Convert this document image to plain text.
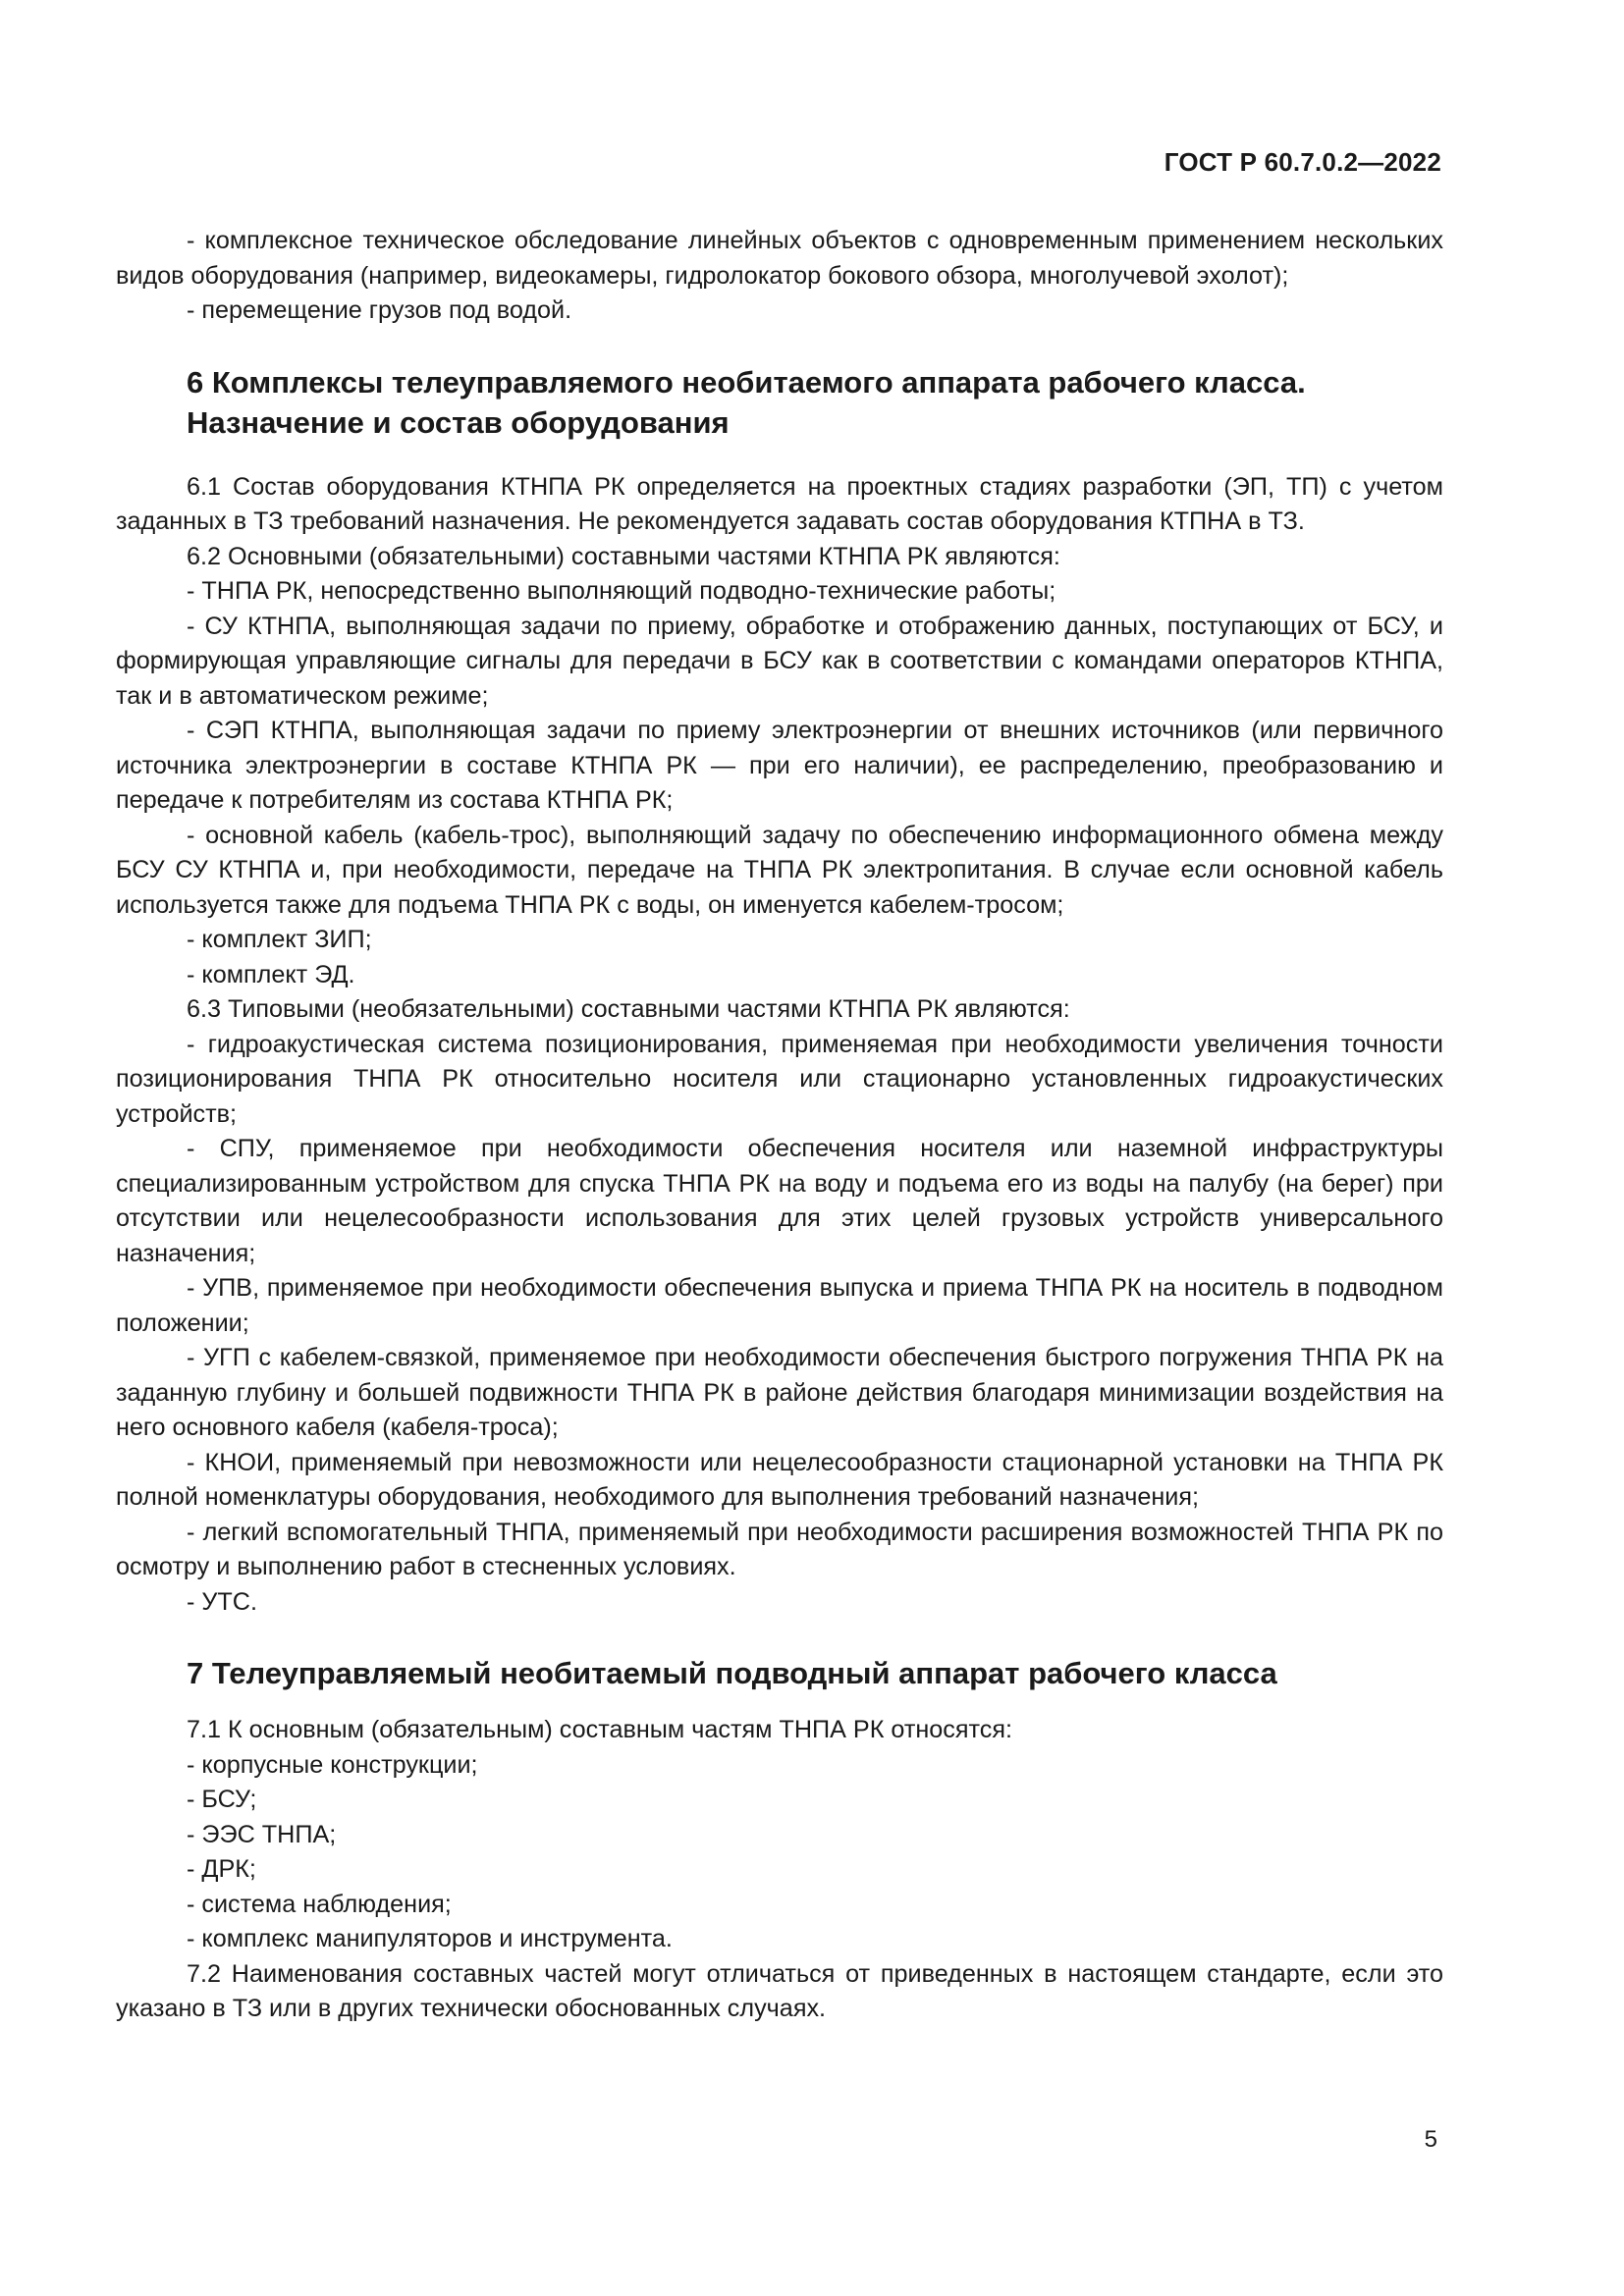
ГОСТ Р 60.7.0.2—2022

- комплексное техническое обследование линейных объектов с одновременным применением нескольких видов оборудования (например, видеокамеры, гидролокатор бокового обзора, многолучевой эхолот);

- перемещение грузов под водой.

6 Комплексы телеуправляемого необитаемого аппарата рабочего класса.
Назначение и состав оборудования

6.1 Состав оборудования КТНПА РК определяется на проектных стадиях разработки (ЭП, ТП) с учетом заданных в ТЗ требований назначения. Не рекомендуется задавать состав оборудования КТПНА в ТЗ.

6.2 Основными (обязательными) составными частями КТНПА РК являются:

- ТНПА РК, непосредственно выполняющий подводно-технические работы;

- СУ КТНПА, выполняющая задачи по приему, обработке и отображению данных, поступающих от БСУ, и формирующая управляющие сигналы для передачи в БСУ как в соответствии с командами операторов КТНПА, так и в автоматическом режиме;

- СЭП КТНПА, выполняющая задачи по приему электроэнергии от внешних источников (или первичного источника электроэнергии в составе КТНПА РК — при его наличии), ее распределению, преобразованию и передаче к потребителям из состава КТНПА РК;

- основной кабель (кабель-трос), выполняющий задачу по обеспечению информационного обмена между БСУ СУ КТНПА и, при необходимости, передаче на ТНПА РК электропитания. В случае если основной кабель используется также для подъема ТНПА РК с воды, он именуется кабелем-тросом;

- комплект ЗИП;

- комплект ЭД.

6.3 Типовыми (необязательными) составными частями КТНПА РК являются:

- гидроакустическая система позиционирования, применяемая при необходимости увеличения точности позиционирования ТНПА РК относительно носителя или стационарно установленных гидроакустических устройств;

- СПУ, применяемое при необходимости обеспечения носителя или наземной инфраструктуры специализированным устройством для спуска ТНПА РК на воду и подъема его из воды на палубу (на берег) при отсутствии или нецелесообразности использования для этих целей грузовых устройств универсального назначения;

- УПВ, применяемое при необходимости обеспечения выпуска и приема ТНПА РК на носитель в подводном положении;

- УГП с кабелем-связкой, применяемое при необходимости обеспечения быстрого погружения ТНПА РК на заданную глубину и большей подвижности ТНПА РК в районе действия благодаря минимизации воздействия на него основного кабеля (кабеля-троса);

- КНОИ, применяемый при невозможности или нецелесообразности стационарной установки на ТНПА РК полной номенклатуры оборудования, необходимого для выполнения требований назначения;

- легкий вспомогательный ТНПА, применяемый при необходимости расширения возможностей ТНПА РК по осмотру и выполнению работ в стесненных условиях.

- УТС.

7 Телеуправляемый необитаемый подводный аппарат рабочего класса

7.1 К основным (обязательным) составным частям ТНПА РК относятся:

- корпусные конструкции;

- БСУ;

- ЭЭС ТНПА;

- ДРК;

- система наблюдения;

- комплекс манипуляторов и инструмента.

7.2 Наименования составных частей могут отличаться от приведенных в настоящем стандарте, если это указано в ТЗ или в других технически обоснованных случаях.

5
